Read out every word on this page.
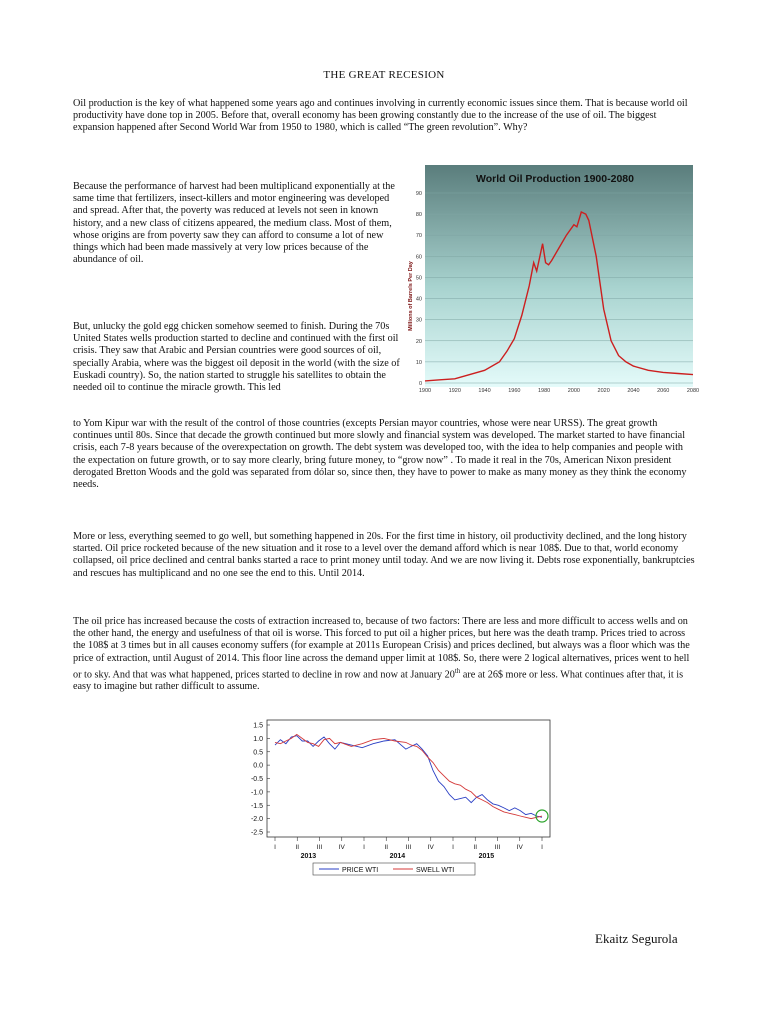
THE GREAT RECESION
Oil production is the key of what happened some years ago and continues involving in currently economic issues since them. That is because world oil productivity have done top in 2005. Before that, overall economy has been growing constantly due to the increase of the use of oil. The biggest expansion happened after Second World War from 1950 to 1980, which is called “The green revolution”. Why?
Because the performance of harvest had been multiplicand exponentially at the same time that fertilizers, insect-killers and motor engineering was developed and spread. After that, the poverty was reduced at levels not seen in known history, and a new class of citizens appeared, the medium class. Most of them, whose origins are from poverty saw they can afford to consume a lot of new things which had been made massively at very low prices because of the abundance of oil.
But, unlucky the gold egg chicken somehow seemed to finish. During the 70s United States wells production started to decline and continued with the first oil crisis. They saw that Arabic and Persian countries were good sources of oil, specially Arabia, where was the biggest oil deposit in the world (with the size of Euskadi country). So, the nation started to struggle his satellites to obtain the needed oil to continue the miracle growth. This led
to Yom Kipur war with the result of the control of those countries (excepts Persian mayor countries, whose were near URSS). The great growth continues until 80s. Since that decade the growth continued but more slowly and financial system was developed. The market started to have financial crisis, each 7-8 years because of the overexpectation on growth. The debt system was developed too, with the idea to help companies and people with the expectation on future growth, or to say more clearly, bring future money, to “grow now” . To made it real in the 70s, American Nixon president derogated Bretton Woods and the gold was separated from dólar so, since then, they have to power to make as many money as they think the economy needs.
More or less, everything seemed to go well, but something happened in 20s. For the first time in history, oil productivity declined, and the long history started. Oil price rocketed because of the new situation and it rose to a level over the demand afford which is near 108$. Due to that, world economy collapsed, oil price declined and central banks started a race to print money until today. And we are now living it. Debts rose exponentially, bankruptcies and rescues has multiplicand and no one see the end to this. Until 2014.
The oil price has increased because the costs of extraction increased to, because of two factors: There are less and more difficult to access wells and on the other hand, the energy and usefulness of that oil is worse. This forced to put oil a higher prices, but here was the death tramp. Prices tried to across the 108$ at 3 times but in all causes economy suffers (for example at 2011s European Crisis) and prices declined, but always was a floor which was the price of extraction, until August of 2014. This floor line across the demand upper limit at 108$. So, there were 2 logical alternatives, prices went to hell or to sky. And that was what happened, prices started to decline in row and now at January 20th are at 26$ more or less. What continues after that, it is easy to imagine but rather difficult to assume.
World Oil Production 1900-2080
Millions of Barrels Per Day
0
10
20
30
40
50
60
70
80
90
1900	1920	1940	1960	1980	2000	2020	2040	2060	2080
1.5
1.0
0.5
0.0
-0.5
-1.0
-1.5
-2.0
-2.5
I	II	III	IV	I	II	III	IV	I	II	III	IV	I
2013	2014	2015
PRICE WTI	SWELL WTI
Ekaitz Segurola
